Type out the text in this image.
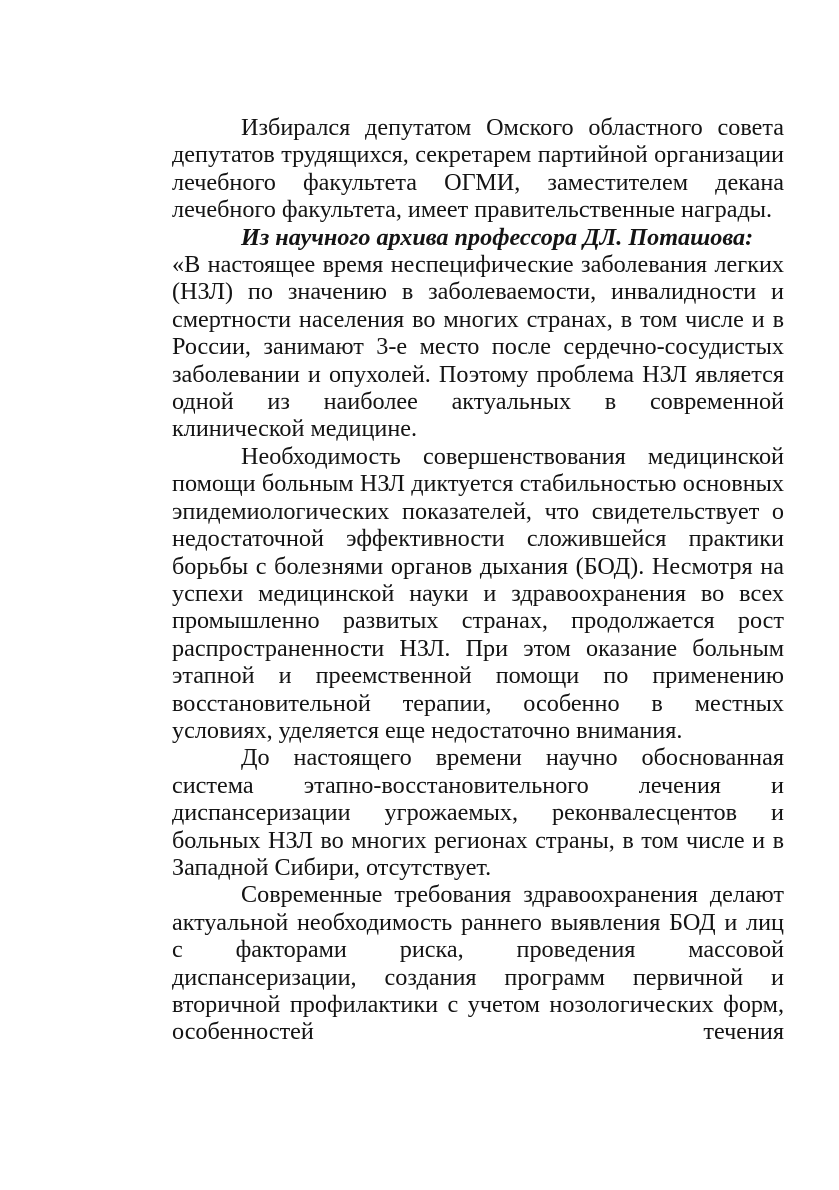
Избирался депутатом Омского областного совета депутатов трудящихся, секретарем партийной организации лечебного факультета ОГМИ, заместителем декана лечебного факультета, имеет правительственные награды.

Из научного архива профессора ДЛ. Поташова:

«В настоящее время неспецифические заболевания легких (НЗЛ) по значению в заболеваемости, инвалидности и смертности населения во многих странах, в том числе и в России, занимают 3-е место после сердечно-сосудистых заболевании и опухолей. Поэтому проблема НЗЛ является одной из наиболее актуальных в современной клинической медицине.

Необходимость совершенствования медицинской помощи больным НЗЛ диктуется стабильностью основных эпидемиологических показателей, что свидетельствует о недостаточной эффективности сложившейся практики борьбы с болезнями органов дыхания (БОД). Несмотря на успехи медицинской науки и здравоохранения во всех промышленно развитых странах, продолжается рост распространенности НЗЛ. При этом оказание больным этапной и преемственной помощи по применению восстановительной терапии, особенно в местных условиях, уделяется еще недостаточно внимания.

До настоящего времени научно обоснованная система этапно-восстановительного лечения и диспансеризации угрожаемых, реконвалесцентов и больных НЗЛ во многих регионах страны, в том числе и в Западной Сибири, отсутствует.

Современные требования здравоохранения делают актуальной необходимость раннего выявления БОД и лиц с факторами риска, проведения массовой диспансеризации, создания программ первичной и вторичной профилактики с учетом нозологических форм, особенностей течения
